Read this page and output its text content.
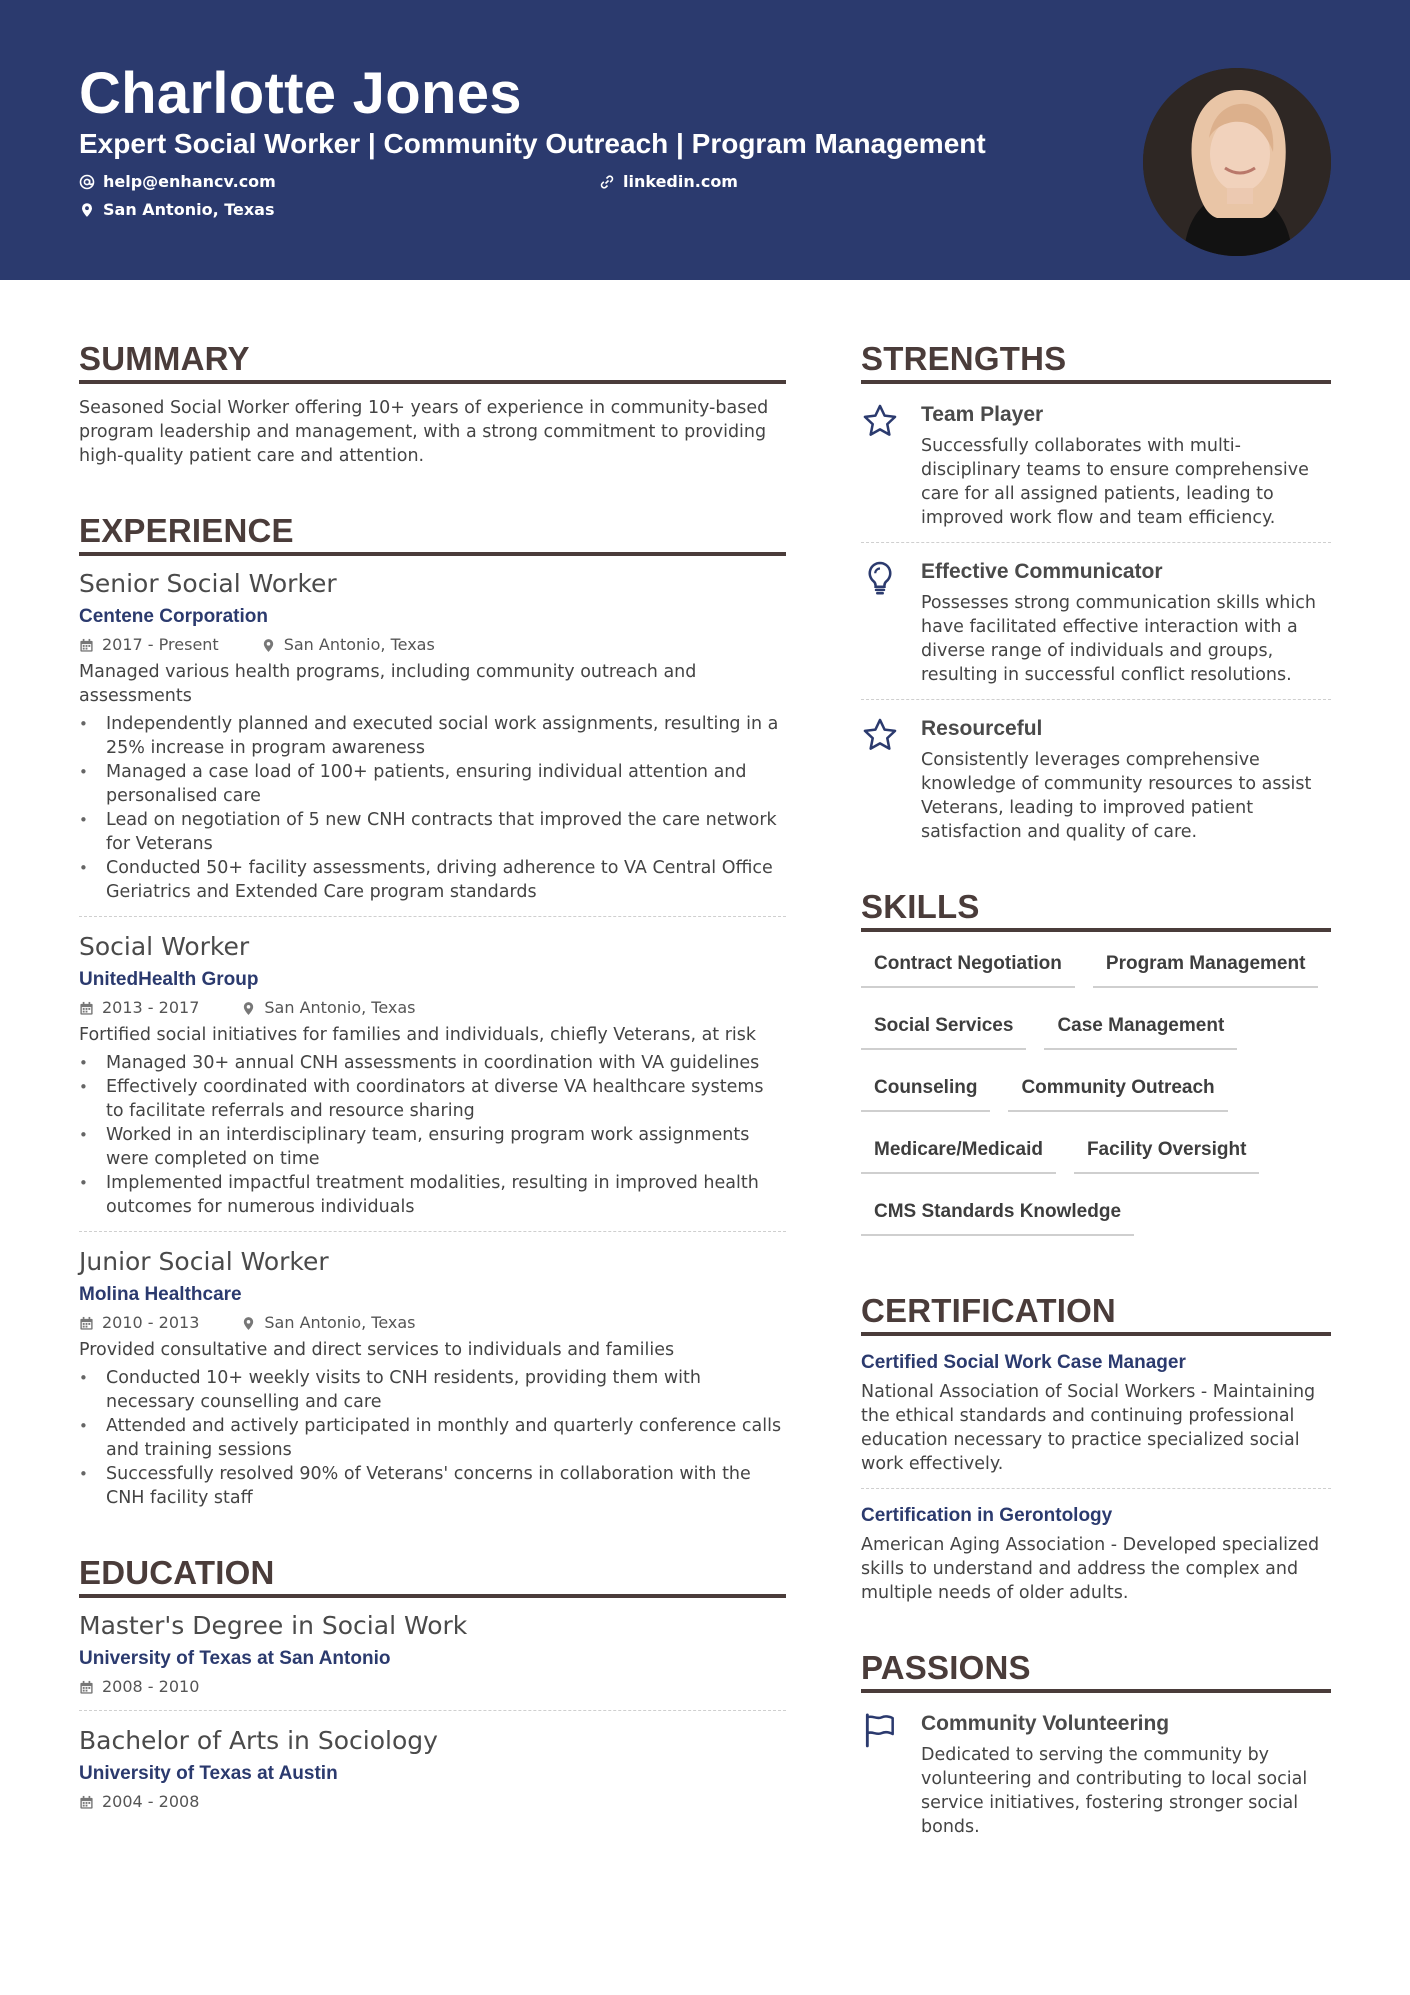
Charlotte Jones
Expert Social Worker | Community Outreach | Program Management
help@enhancv.com	linkedin.com
San Antonio, Texas
SUMMARY

Seasoned Social Worker offering 10+ years of experience in community-based program leadership and management, with a strong commitment to providing high-quality patient care and attention.

EXPERIENCE
Senior Social Worker
Centene Corporation
2017 - Present	San Antonio, Texas

Managed various health programs, including community outreach and assessments

• Independently planned and executed social work assignments, resulting in a 25% increase in program awareness
• Managed a case load of 100+ patients, ensuring individual attention and personalised care
• Lead on negotiation of 5 new CNH contracts that improved the care network for Veterans
• Conducted 50+ facility assessments, driving adherence to VA Central Office Geriatrics and Extended Care program standards
Social Worker
UnitedHealth Group
2013 - 2017	San Antonio, Texas

Fortified social initiatives for families and individuals, chiefly Veterans, at risk

• Managed 30+ annual CNH assessments in coordination with VA guidelines
• Effectively coordinated with coordinators at diverse VA healthcare systems to facilitate referrals and resource sharing
• Worked in an interdisciplinary team, ensuring program work assignments were completed on time
• Implemented impactful treatment modalities, resulting in improved health outcomes for numerous individuals
Junior Social Worker
Molina Healthcare
2010 - 2013	San Antonio, Texas

Provided consultative and direct services to individuals and families

• Conducted 10+ weekly visits to CNH residents, providing them with necessary counselling and care
• Attended and actively participated in monthly and quarterly conference calls and training sessions
• Successfully resolved 90% of Veterans' concerns in collaboration with the CNH facility staff
EDUCATION
Master's Degree in Social Work
University of Texas at San Antonio
2008 - 2010
Bachelor of Arts in Sociology
University of Texas at Austin
2004 - 2008
STRENGTHS
Team Player

Successfully collaborates with multi-disciplinary teams to ensure comprehensive care for all assigned patients, leading to improved work flow and team efficiency.

Effective Communicator

Possesses strong communication skills which have facilitated effective interaction with a diverse range of individuals and groups, resulting in successful conflict resolutions.

Resourceful

Consistently leverages comprehensive knowledge of community resources to assist Veterans, leading to improved patient satisfaction and quality of care.

SKILLS
Contract Negotiation	Program Management
Social Services	Case Management
Counseling	Community Outreach
Medicare/Medicaid	Facility Oversight
CMS Standards Knowledge
CERTIFICATION
Certified Social Work Case Manager

National Association of Social Workers - Maintaining the ethical standards and continuing professional education necessary to practice specialized social work effectively.

Certification in Gerontology

American Aging Association - Developed specialized skills to understand and address the complex and multiple needs of older adults.

PASSIONS
Community Volunteering

Dedicated to serving the community by volunteering and contributing to local social service initiatives, fostering stronger social bonds.
